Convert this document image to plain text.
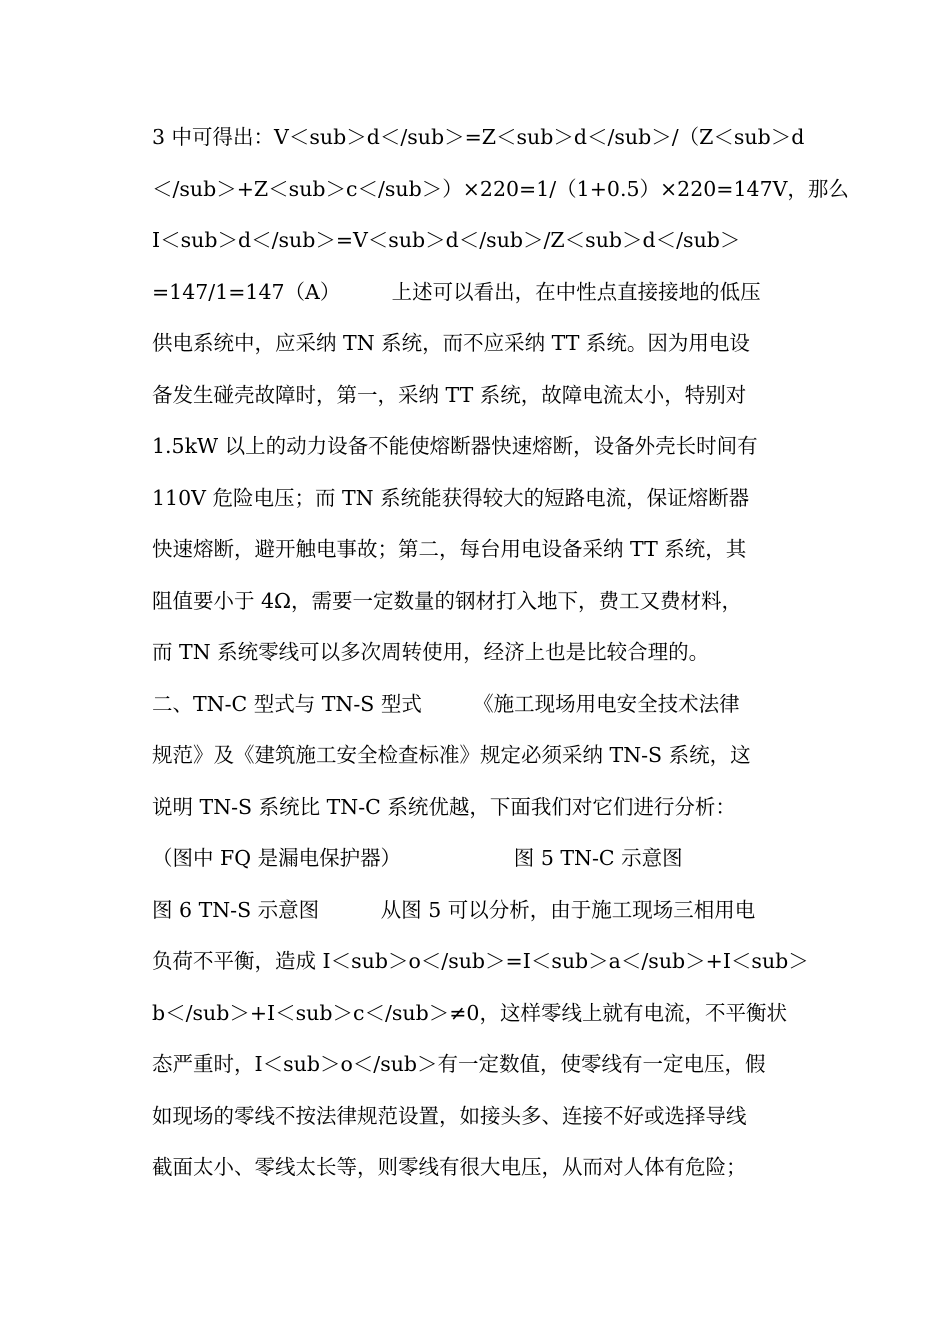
3 中可得出：V＜sub＞d＜/sub＞=Z＜sub＞d＜/sub＞/（Z＜sub＞d
＜/sub＞+Z＜sub＞c＜/sub＞）×220=1/（1+0.5）×220=147V，那么
I＜sub＞d＜/sub＞=V＜sub＞d＜/sub＞/Z＜sub＞d＜/sub＞
=147/1=147（A）　　　上述可以看出，在中性点直接接地的低压
供电系统中，应采纳 TN 系统，而不应采纳 TT 系统。因为用电设
备发生碰壳故障时，第一，采纳 TT 系统，故障电流太小，特别对
1.5kW 以上的动力设备不能使熔断器快速熔断，设备外壳长时间有
110V 危险电压；而 TN 系统能获得较大的短路电流，保证熔断器
快速熔断，避开触电事故；第二，每台用电设备采纳 TT 系统，其
阻值要小于 4Ω，需要一定数量的钢材打入地下，费工又费材料，
而 TN 系统零线可以多次周转使用，经济上也是比较合理的。
二、TN-C 型式与 TN-S 型式　　　《施工现场用电安全技术法律
规范》及《建筑施工安全检查标准》规定必须采纳 TN-S 系统，这
说明 TN-S 系统比 TN-C 系统优越，下面我们对它们进行分析：
（图中 FQ 是漏电保护器）　　　　　　图 5 TN-C 示意图
图 6 TN-S 示意图　　　从图 5 可以分析，由于施工现场三相用电
负荷不平衡，造成 I＜sub＞o＜/sub＞=I＜sub＞a＜/sub＞+I＜sub＞
b＜/sub＞+I＜sub＞c＜/sub＞≠0，这样零线上就有电流，不平衡状
态严重时，I＜sub＞o＜/sub＞有一定数值，使零线有一定电压，假
如现场的零线不按法律规范设置，如接头多、连接不好或选择导线
截面太小、零线太长等，则零线有很大电压，从而对人体有危险；
